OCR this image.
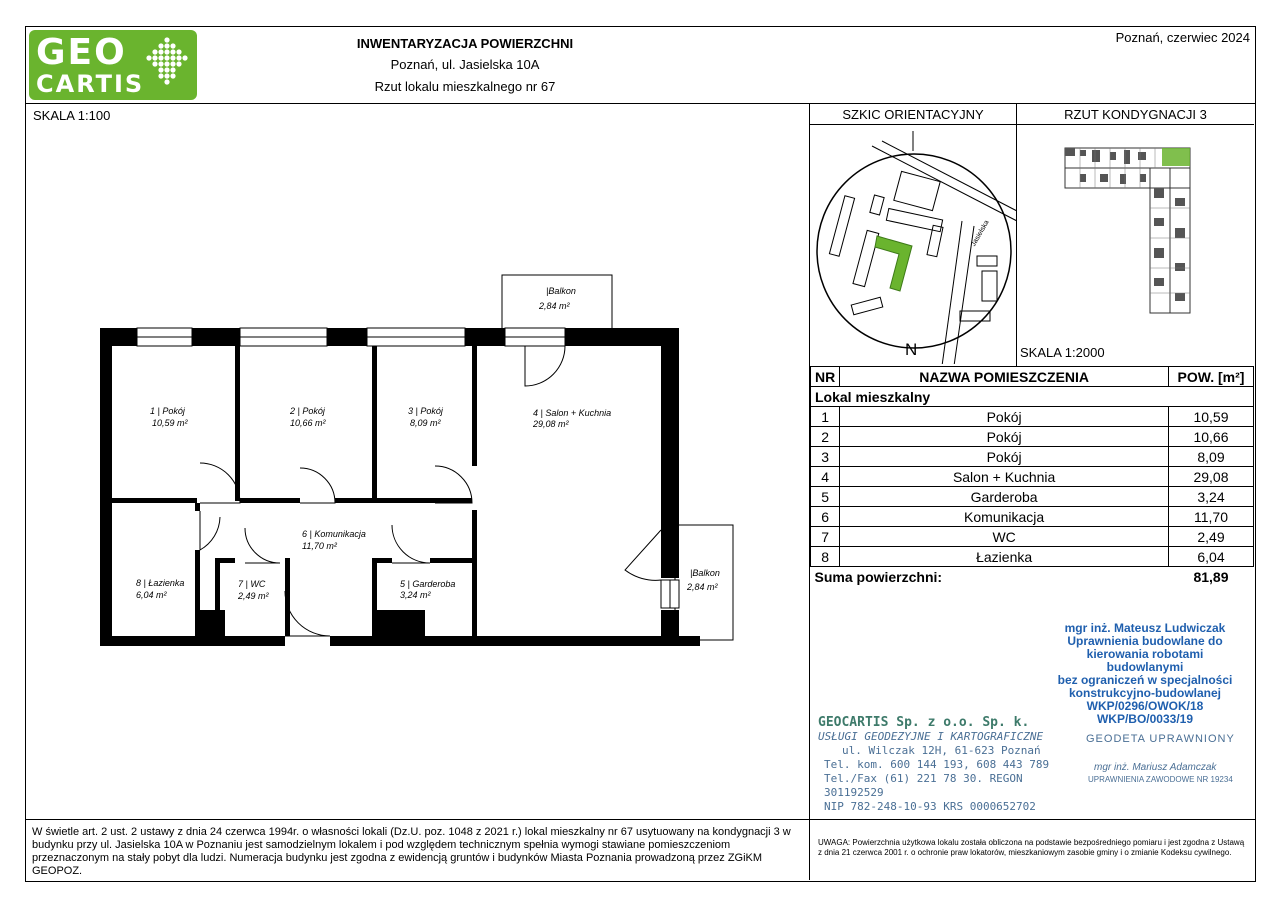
GEO
CARTIS
INWENTARYZACJA POWIERZCHNI
Poznań, ul. Jasielska 10A
Rzut lokalu mieszkalnego nr 67
Poznań, czerwiec 2024
SKALA 1:100
1 | Pokój
10,59 m²
2 | Pokój
10,66 m²
3 | Pokój
8,09 m²
4 | Salon + Kuchnia
29,08 m²
5 | Garderoba
3,24 m²
6 | Komunikacja
11,70 m²
7 | WC
2,49 m²
8 | Łazienka
6,04 m²
|Balkon
2,84 m²
|Balkon
2,84 m²
SZKIC ORIENTACYJNY	RZUT KONDYGNACJI 3
Jasielska
N	SKALA 1:2000
NR	NAZWA POMIESZCZENIA	POW. [m²]
Lokal mieszkalny		
1	Pokój	10,59
2	Pokój	10,66
3	Pokój	8,09
4	Salon + Kuchnia	29,08
5	Garderoba	3,24
6	Komunikacja	11,70
7	WC	2,49
8	Łazienka	6,04
Suma powierzchni:		81,89
mgr inż. Mateusz Ludwiczak
Uprawnienia budowlane do
kierowania robotami budowlanymi
bez ograniczeń w specjalności
konstrukcyjno-budowlanej
WKP/0296/OWOK/18
WKP/BO/0033/19
GEOCARTIS Sp. z o.o. Sp. k.
USŁUGI GEODEZYJNE I KARTOGRAFICZNE
ul. Wilczak 12H, 61-623 Poznań
Tel. kom. 600 144 193, 608 443 789
Tel./Fax (61) 221 78 30. REGON 301192529
NIP 782-248-10-93 KRS 0000652702
GEODETA UPRAWNIONY
mgr inż. Mariusz Adamczak
UPRAWNIENIA ZAWODOWE NR 19234
W świetle art. 2 ust. 2 ustawy z dnia 24 czerwca 1994r. o własności lokali (Dz.U. poz. 1048 z 2021 r.) lokal mieszkalny nr 67 usytuowany na kondygnacji 3 w budynku przy ul. Jasielska 10A w Poznaniu jest samodzielnym lokalem i pod względem technicznym spełnia wymogi stawiane pomieszczeniom przeznaczonym na stały pobyt dla ludzi. Numeracja budynku jest zgodna z ewidencją gruntów i budynków Miasta Poznania prowadzoną przez ZGiKM GEOPOZ.
UWAGA: Powierzchnia użytkowa lokalu została obliczona na podstawie bezpośredniego pomiaru i jest zgodna z Ustawą z dnia 21 czerwca 2001 r. o ochronie praw lokatorów, mieszkaniowym zasobie gminy i o zmianie Kodeksu cywilnego.
